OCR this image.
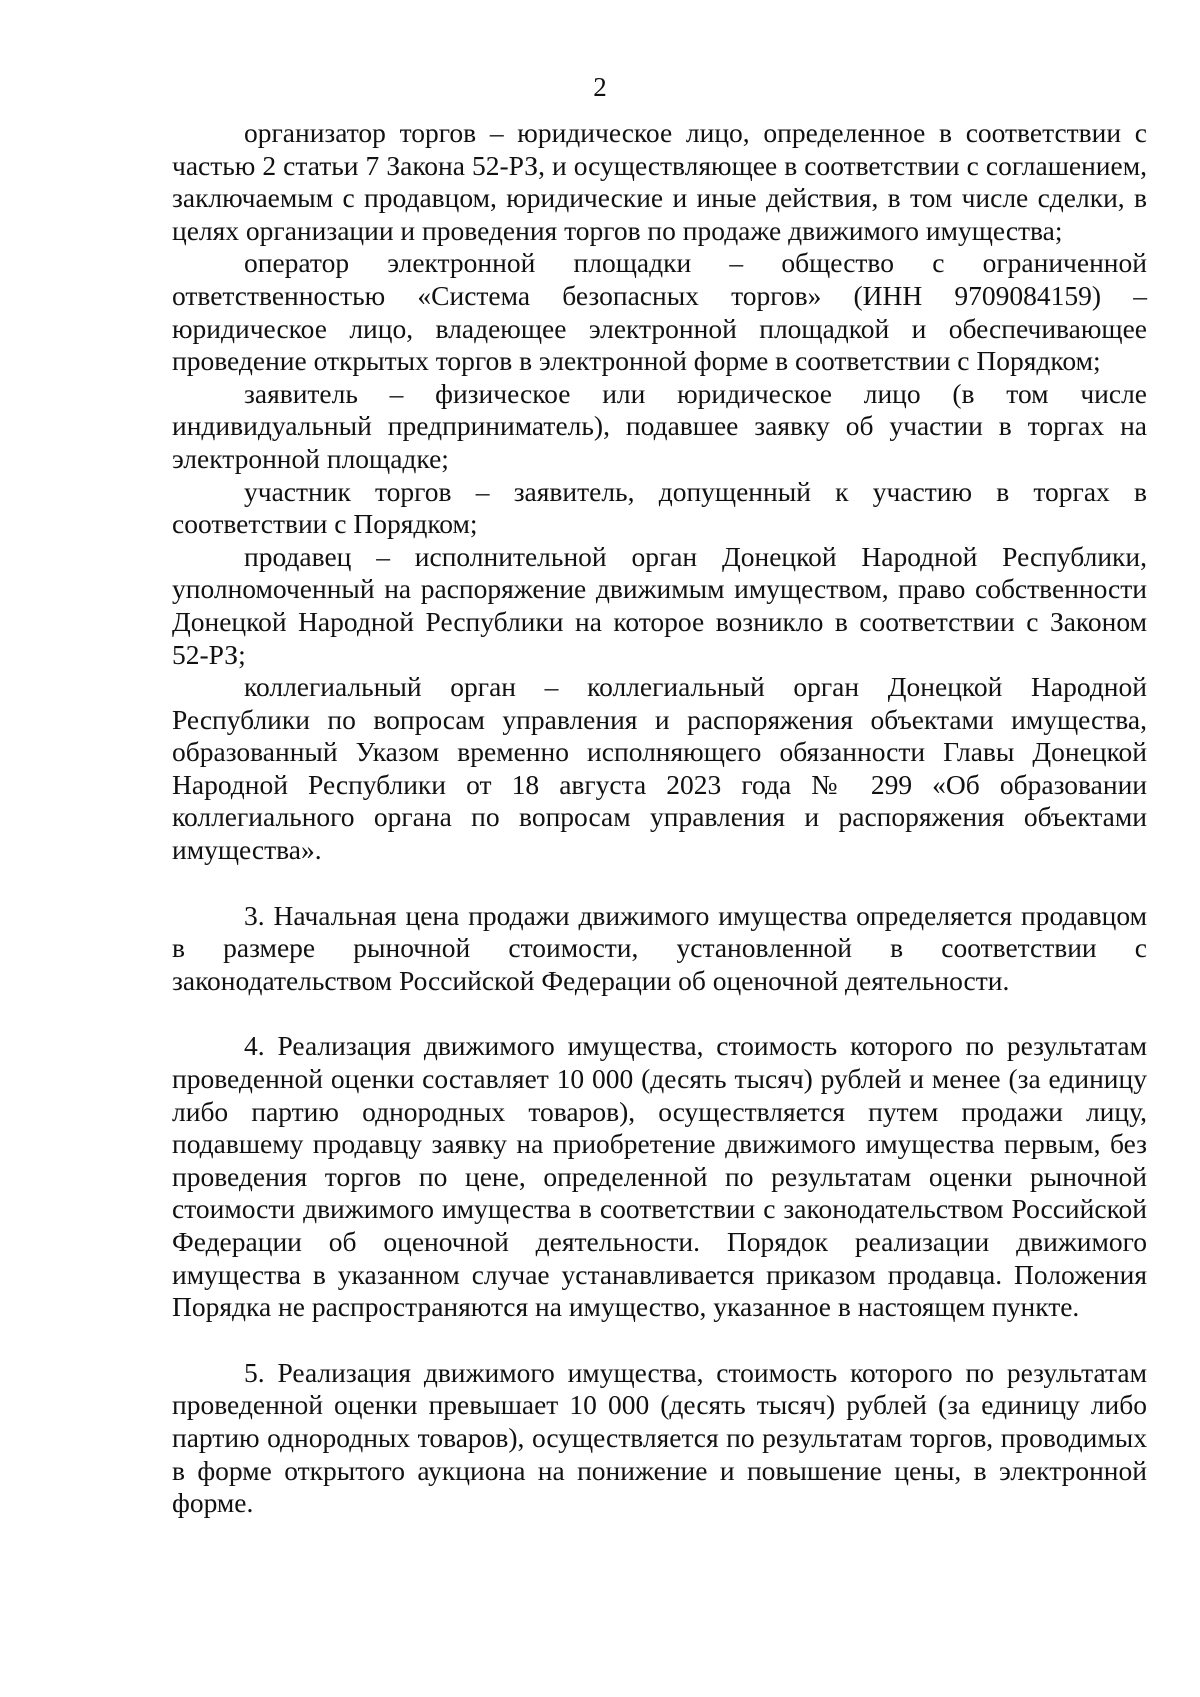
2

организатор торгов – юридическое лицо, определенное в соответствии с частью 2 статьи 7 Закона 52-РЗ, и осуществляющее в соответствии с соглашением, заключаемым с продавцом, юридические и иные действия, в том числе сделки, в целях организации и проведения торгов по продаже движимого имущества;

оператор электронной площадки – общество с ограниченной ответственностью «Система безопасных торгов» (ИНН 9709084159) – юридическое лицо, владеющее электронной площадкой и обеспечивающее проведение открытых торгов в электронной форме в соответствии с Порядком;

заявитель – физическое или юридическое лицо (в том числе индивидуальный предприниматель), подавшее заявку об участии в торгах на электронной площадке;

участник торгов – заявитель, допущенный к участию в торгах в соответствии с Порядком;

продавец – исполнительной орган Донецкой Народной Республики, уполномоченный на распоряжение движимым имуществом, право собственности Донецкой Народной Республики на которое возникло в соответствии с Законом 52-РЗ;

коллегиальный орган – коллегиальный орган Донецкой Народной Республики по вопросам управления и распоряжения объектами имущества, образованный Указом временно исполняющего обязанности Главы Донецкой Народной Республики от 18 августа 2023 года № 299 «Об образовании коллегиального органа по вопросам управления и распоряжения объектами имущества».

3. Начальная цена продажи движимого имущества определяется продавцом в размере рыночной стоимости, установленной в соответствии с законодательством Российской Федерации об оценочной деятельности.

4. Реализация движимого имущества, стоимость которого по результатам проведенной оценки составляет 10 000 (десять тысяч) рублей и менее (за единицу либо партию однородных товаров), осуществляется путем продажи лицу, подавшему продавцу заявку на приобретение движимого имущества первым, без проведения торгов по цене, определенной по результатам оценки рыночной стоимости движимого имущества в соответствии с законодательством Российской Федерации об оценочной деятельности. Порядок реализации движимого имущества в указанном случае устанавливается приказом продавца. Положения Порядка не распространяются на имущество, указанное в настоящем пункте.

5. Реализация движимого имущества, стоимость которого по результатам проведенной оценки превышает 10 000 (десять тысяч) рублей (за единицу либо партию однородных товаров), осуществляется по результатам торгов, проводимых в форме открытого аукциона на понижение и повышение цены, в электронной форме.
